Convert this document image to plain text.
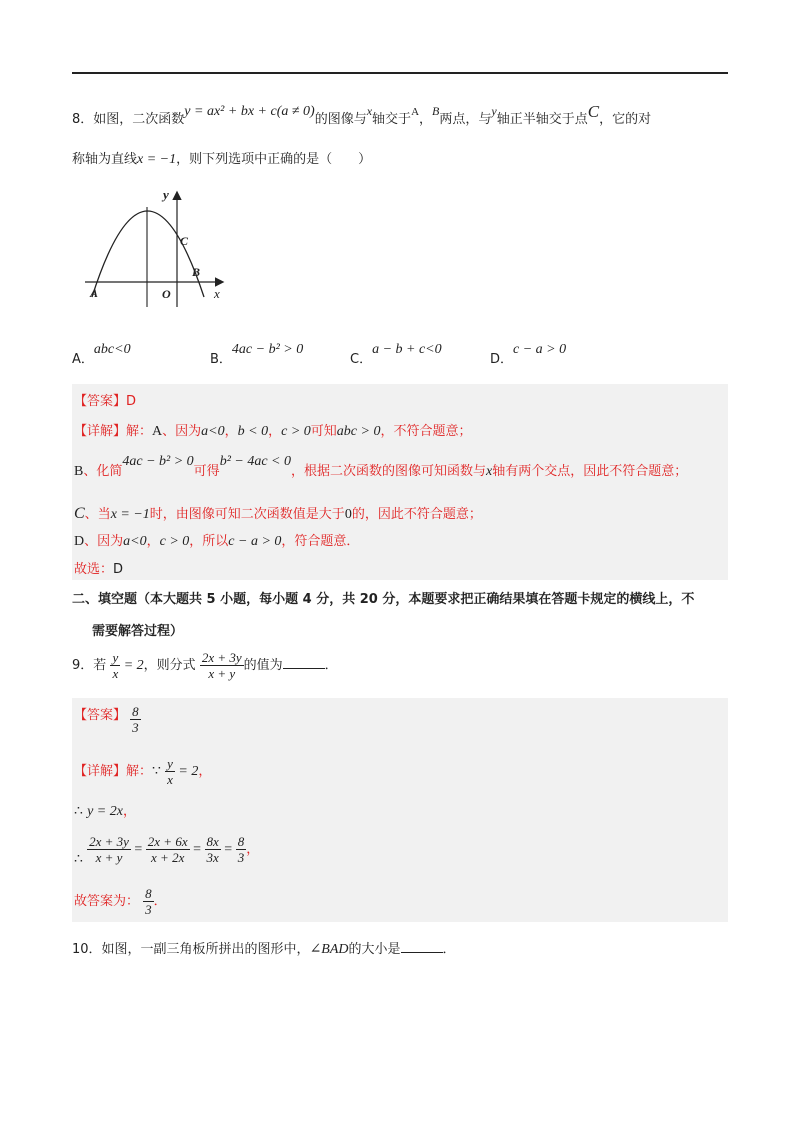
8．如图，二次函数y = ax² + bx + c(a ≠ 0)的图像与x轴交于$^A$，B两点，与y轴正半轴交于点C，它的对
称轴为直线x = −1，则下列选项中正确的是（　　）
y
x
A	O
B
C
A．abc<0
B．4ac − b² > 0
C．a − b + c<0
D．c − a > 0
【答案】D
【详解】解：A、因为a<0，b < 0，c > 0可知abc > 0，不符合题意；
B、化简4ac − b² > 0可得b² − 4ac < 0，根据二次函数的图像可知函数与x轴有两个交点，因此不符合题意；
C、当x = −1时，由图像可知二次函数值是大于0的，因此不符合题意；
D、因为a<0，c > 0，所以c − a > 0，符合题意．
故选：D
二、填空题（本大题共 5 小题，每小题 4 分，共 20 分，本题要求把正确结果填在答题卡规定的横线上，不
需要解答过程）
9．若 $\frac{y}{x} = 2$，则分式 $\frac{2x + 3y}{x + y}$ 的值为	．
【答案】 $\frac{8}{3}$
【详解】解：∵ $\frac{y}{x} = 2$，
∴ y = 2x，
∴ $\frac{2x + 3y}{x + y} = \frac{2x + 6x}{x + 2x} = \frac{8x}{3x} = \frac{8}{3}$ ，
故答案为： $\frac{8}{3}$ ．
10．如图，一副三角板所拼出的图形中，∠BAD的大小是	．
